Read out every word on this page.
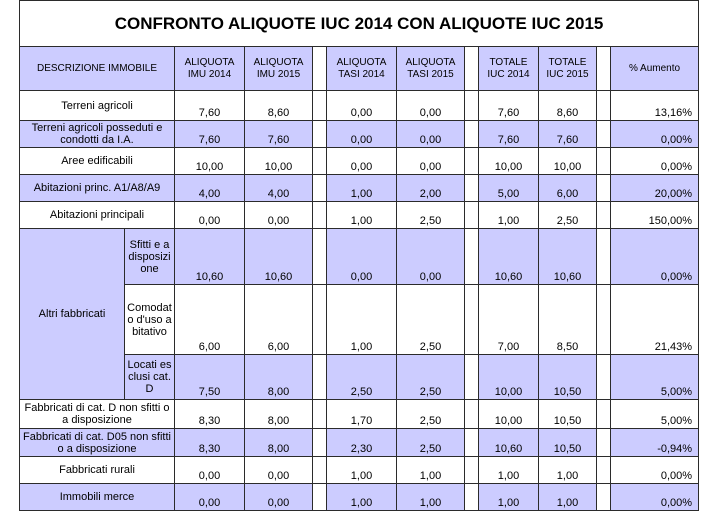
CONFRONTO ALIQUOTE IUC 2014 CON ALIQUOTE IUC 2015											
DESCRIZIONE IMMOBILE		ALIQUOTA IMU 2014	ALIQUOTA IMU 2015		ALIQUOTA TASI 2014	ALIQUOTA TASI 2015		TOTALE IUC 2014	TOTALE IUC 2015		% Aumento
Terreni agricoli		7,60	8,60		0,00	0,00		7,60	8,60		13,16%
Terreni agricoli posseduti e condotti da I.A.		7,60	7,60		0,00	0,00		7,60	7,60		0,00%
Aree edificabili		10,00	10,00		0,00	0,00		10,00	10,00		0,00%
Abitazioni princ. A1/A8/A9		4,00	4,00		1,00	2,00		5,00	6,00		20,00%
Abitazioni principali		0,00	0,00		1,00	2,50		1,00	2,50		150,00%
Altri fabbricati	Sfitti e a disposizione	10,60	10,60		0,00	0,00		10,60	10,60		0,00%
	Comodato d'uso abitativo	6,00	6,00		1,00	2,50		7,00	8,50		21,43%
	Locati esclusi cat. D	7,50	8,00		2,50	2,50		10,00	10,50		5,00%
Fabbricati di cat. D non sfitti o a disposizione		8,30	8,00		1,70	2,50		10,00	10,50		5,00%
Fabbricati di cat. D05 non sfitti o a disposizione		8,30	8,00		2,30	2,50		10,60	10,50		-0,94%
Fabbricati rurali		0,00	0,00		1,00	1,00		1,00	1,00		0,00%
Immobili merce		0,00	0,00		1,00	1,00		1,00	1,00		0,00%
